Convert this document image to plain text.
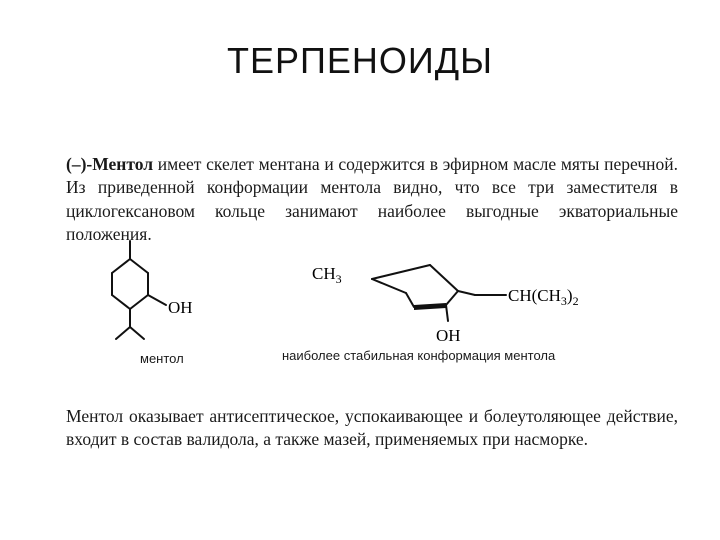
ТЕРПЕНОИДЫ

(–)-Ментол имеет скелет ментана и содержится в эфирном масле мяты перечной. Из приведенной конформации ментола видно, что все три заместителя в циклогексановом кольце занимают наиболее выгодные экваториальные положения.

OH
ментол
$CH_3$
OH
$CH(CH_3)_2$
наиболее стабильная конформация ментола

Ментол оказывает антисептическое, успокаивающее и болеутоляющее действие, входит в состав валидола, а также мазей, применяемых при насморке.
